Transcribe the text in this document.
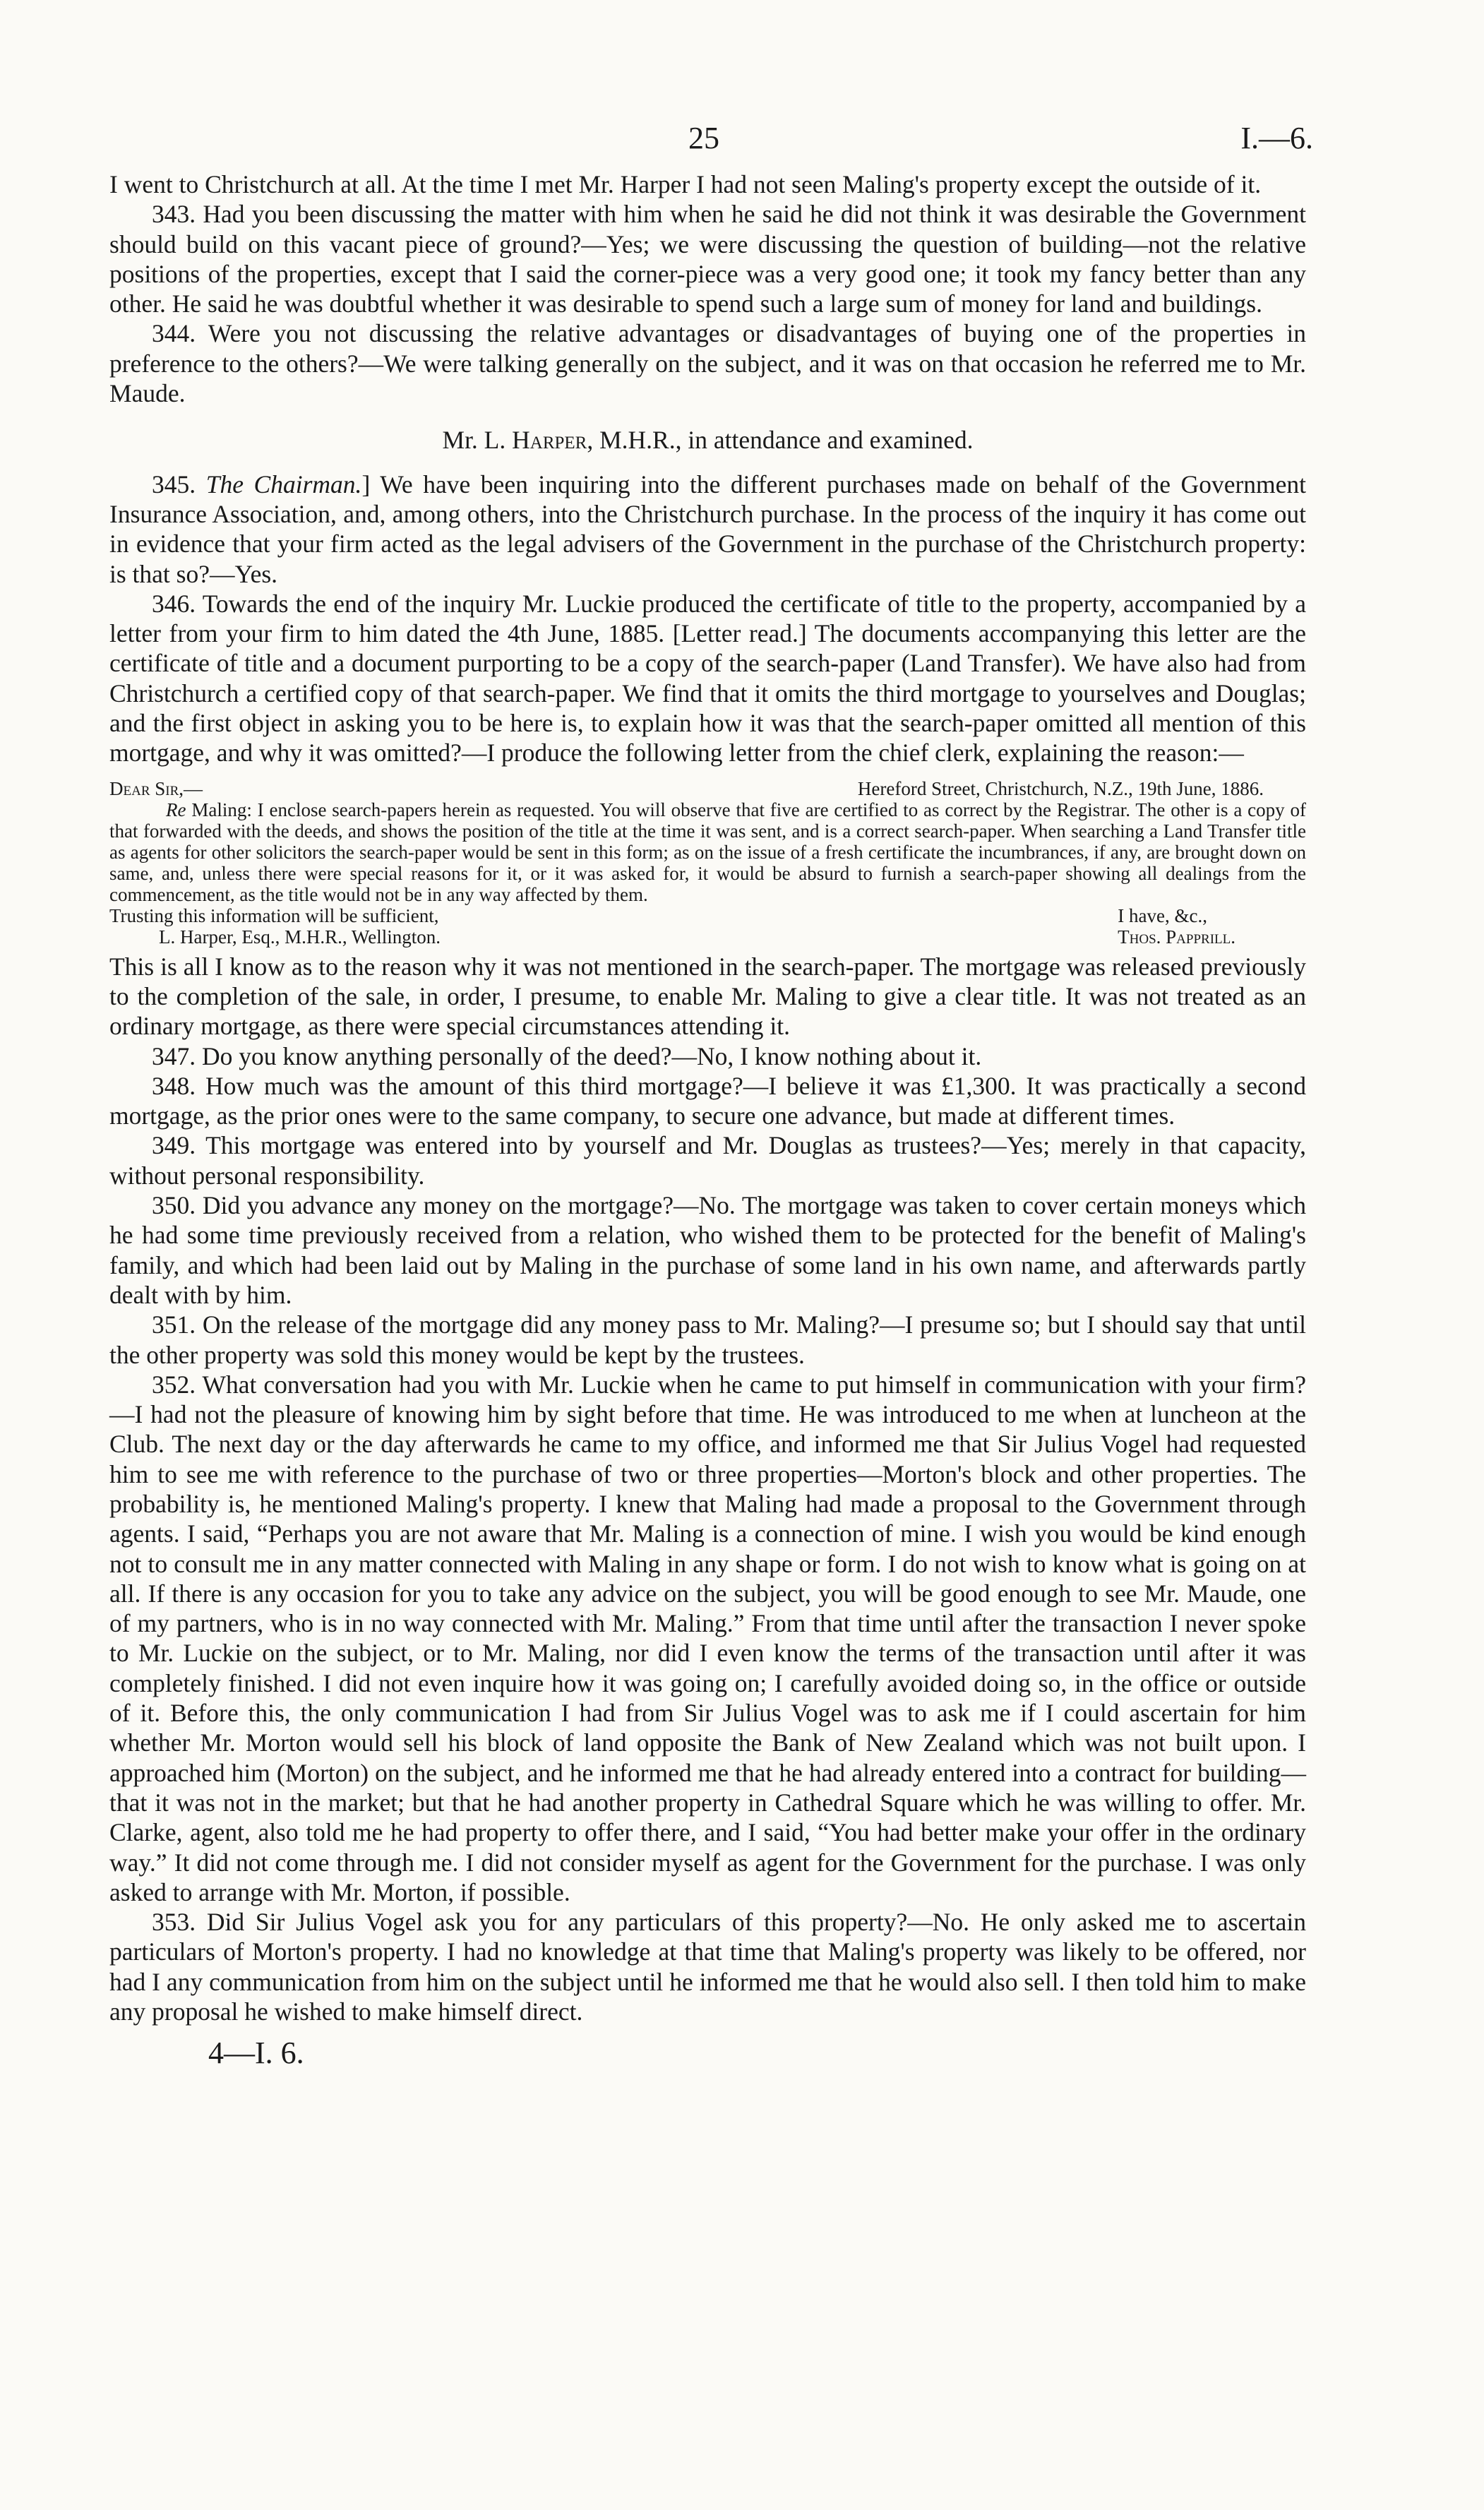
25	I.—6.

I went to Christchurch at all. At the time I met Mr. Harper I had not seen Maling's property except the outside of it.

343. Had you been discussing the matter with him when he said he did not think it was desirable the Government should build on this vacant piece of ground?—Yes; we were discussing the question of building—not the relative positions of the properties, except that I said the corner-piece was a very good one; it took my fancy better than any other. He said he was doubtful whether it was desirable to spend such a large sum of money for land and buildings.

344. Were you not discussing the relative advantages or disadvantages of buying one of the properties in preference to the others?—We were talking generally on the subject, and it was on that occasion he referred me to Mr. Maude.

Mr. L. Harper, M.H.R., in attendance and examined.

345. The Chairman.] We have been inquiring into the different purchases made on behalf of the Government Insurance Association, and, among others, into the Christchurch purchase. In the process of the inquiry it has come out in evidence that your firm acted as the legal advisers of the Government in the purchase of the Christchurch property: is that so?—Yes.

346. Towards the end of the inquiry Mr. Luckie produced the certificate of title to the property, accompanied by a letter from your firm to him dated the 4th June, 1885. [Letter read.] The documents accompanying this letter are the certificate of title and a document purporting to be a copy of the search-paper (Land Transfer). We have also had from Christchurch a certified copy of that search-paper. We find that it omits the third mortgage to yourselves and Douglas; and the first object in asking you to be here is, to explain how it was that the search-paper omitted all mention of this mortgage, and why it was omitted?—I produce the following letter from the chief clerk, explaining the reason:—

Dear Sir,—	Hereford Street, Christchurch, N.Z., 19th June, 1886.
Re Maling: I enclose search-papers herein as requested. You will observe that five are certified to as correct by the Registrar. The other is a copy of that forwarded with the deeds, and shows the position of the title at the time it was sent, and is a correct search-paper. When searching a Land Transfer title as agents for other solicitors the search-paper would be sent in this form; as on the issue of a fresh certificate the incumbrances, if any, are brought down on same, and, unless there were special reasons for it, or it was asked for, it would be absurd to furnish a search-paper showing all dealings from the commencement, as the title would not be in any way affected by them.
Trusting this information will be sufficient,	I have, &c.,
L. Harper, Esq., M.H.R., Wellington.	Thos. Papprill.

This is all I know as to the reason why it was not mentioned in the search-paper. The mortgage was released previously to the completion of the sale, in order, I presume, to enable Mr. Maling to give a clear title. It was not treated as an ordinary mortgage, as there were special circumstances attending it.

347. Do you know anything personally of the deed?—No, I know nothing about it.

348. How much was the amount of this third mortgage?—I believe it was £1,300. It was practically a second mortgage, as the prior ones were to the same company, to secure one advance, but made at different times.

349. This mortgage was entered into by yourself and Mr. Douglas as trustees?—Yes; merely in that capacity, without personal responsibility.

350. Did you advance any money on the mortgage?—No. The mortgage was taken to cover certain moneys which he had some time previously received from a relation, who wished them to be protected for the benefit of Maling's family, and which had been laid out by Maling in the purchase of some land in his own name, and afterwards partly dealt with by him.

351. On the release of the mortgage did any money pass to Mr. Maling?—I presume so; but I should say that until the other property was sold this money would be kept by the trustees.

352. What conversation had you with Mr. Luckie when he came to put himself in communication with your firm?—I had not the pleasure of knowing him by sight before that time. He was introduced to me when at luncheon at the Club. The next day or the day afterwards he came to my office, and informed me that Sir Julius Vogel had requested him to see me with reference to the purchase of two or three properties—Morton's block and other properties. The probability is, he mentioned Maling's property. I knew that Maling had made a proposal to the Government through agents. I said, “Perhaps you are not aware that Mr. Maling is a connection of mine. I wish you would be kind enough not to consult me in any matter connected with Maling in any shape or form. I do not wish to know what is going on at all. If there is any occasion for you to take any advice on the subject, you will be good enough to see Mr. Maude, one of my partners, who is in no way connected with Mr. Maling.” From that time until after the transaction I never spoke to Mr. Luckie on the subject, or to Mr. Maling, nor did I even know the terms of the transaction until after it was completely finished. I did not even inquire how it was going on; I carefully avoided doing so, in the office or outside of it. Before this, the only communication I had from Sir Julius Vogel was to ask me if I could ascertain for him whether Mr. Morton would sell his block of land opposite the Bank of New Zealand which was not built upon. I approached him (Morton) on the subject, and he informed me that he had already entered into a contract for building—that it was not in the market; but that he had another property in Cathedral Square which he was willing to offer. Mr. Clarke, agent, also told me he had property to offer there, and I said, “You had better make your offer in the ordinary way.” It did not come through me. I did not consider myself as agent for the Government for the purchase. I was only asked to arrange with Mr. Morton, if possible.

353. Did Sir Julius Vogel ask you for any particulars of this property?—No. He only asked me to ascertain particulars of Morton's property. I had no knowledge at that time that Maling's property was likely to be offered, nor had I any communication from him on the subject until he informed me that he would also sell. I then told him to make any proposal he wished to make himself direct.

4—I. 6.
